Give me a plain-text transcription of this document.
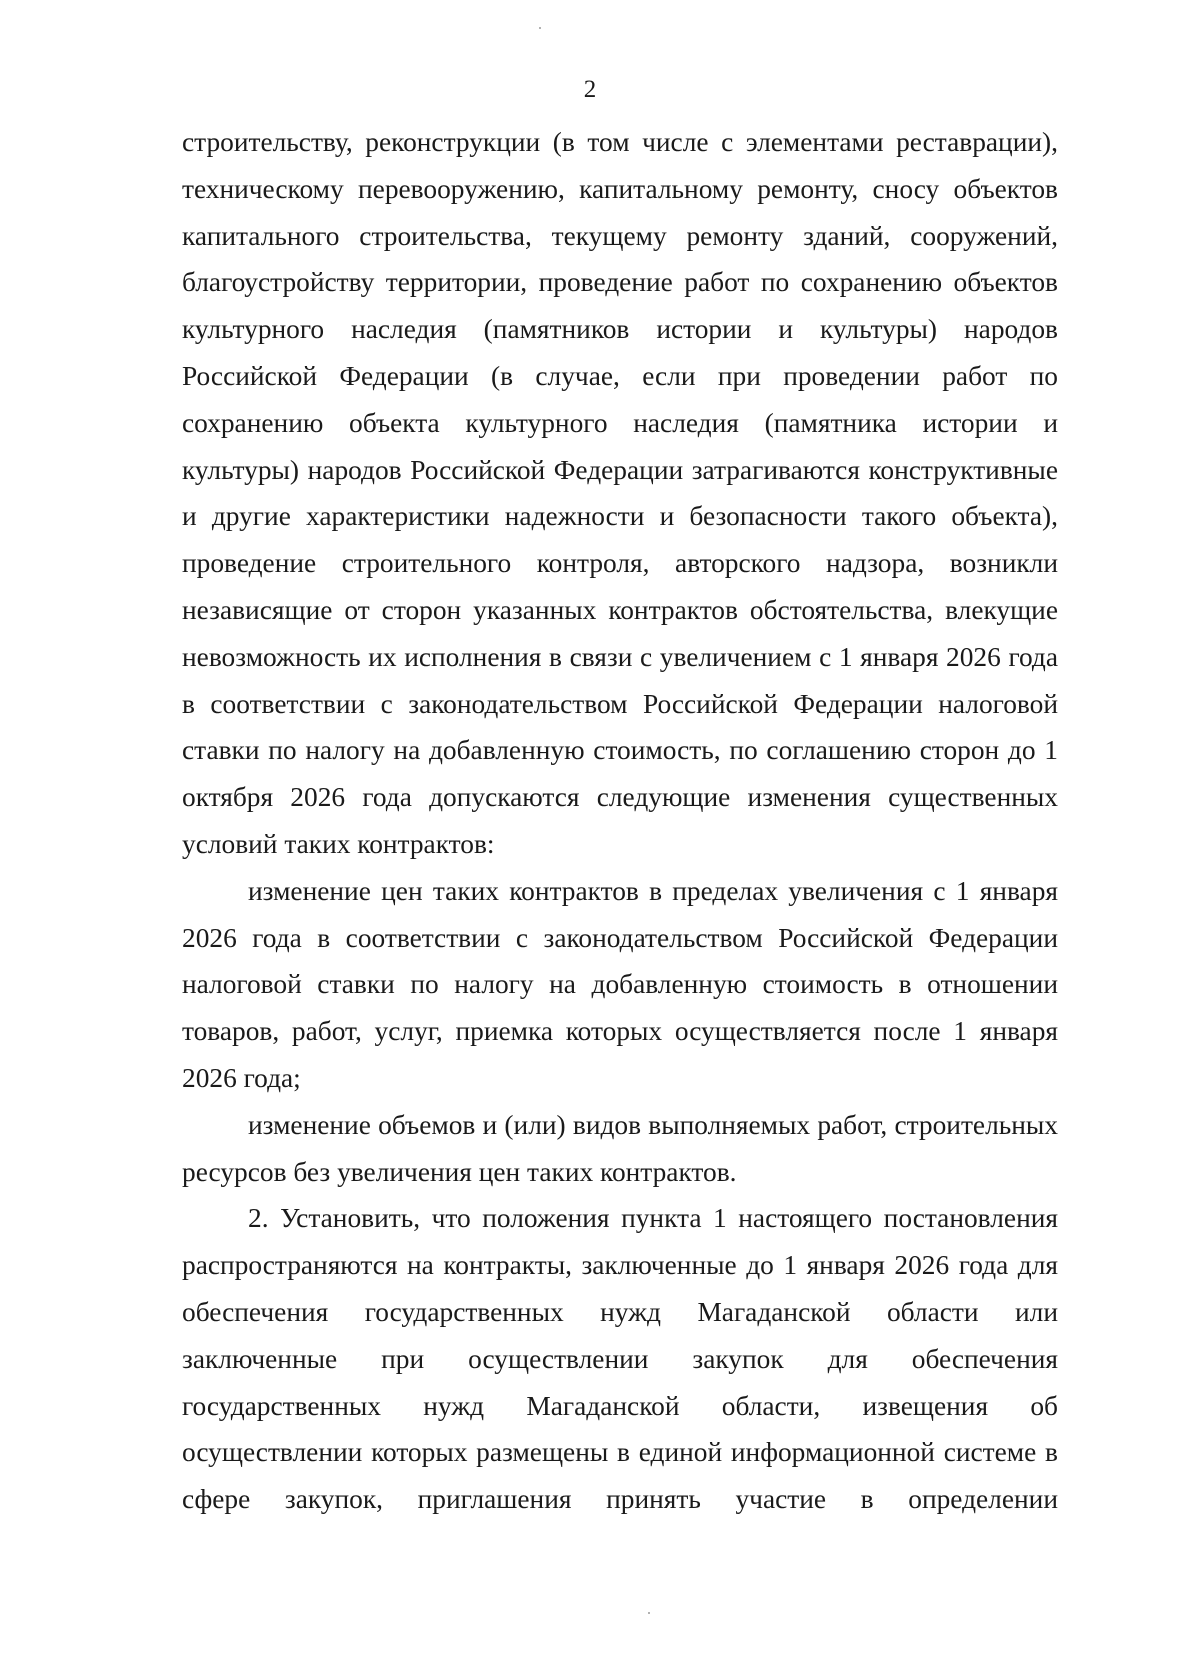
2

строительству, реконструкции (в том числе с элементами реставрации), техническому перевооружению, капитальному ремонту, сносу объектов капитального строительства, текущему ремонту зданий, сооружений, благоустройству территории, проведение работ по сохранению объектов культурного наследия (памятников истории и культуры) народов Российской Федерации (в случае, если при проведении работ по сохранению объекта культурного наследия (памятника истории и культуры) народов Российской Федерации затрагиваются конструктивные и другие характеристики надежности и безопасности такого объекта), проведение строительного контроля, авторского надзора, возникли независящие от сторон указанных контрактов обстоятельства, влекущие невозможность их исполнения в связи с увеличением с 1 января 2026 года в соответствии с законодательством Российской Федерации налоговой ставки по налогу на добавленную стоимость, по соглашению сторон до 1 октября 2026 года допускаются следующие изменения существенных условий таких контрактов:

изменение цен таких контрактов в пределах увеличения с 1 января 2026 года в соответствии с законодательством Российской Федерации налоговой ставки по налогу на добавленную стоимость в отношении товаров, работ, услуг, приемка которых осуществляется после 1 января 2026 года;

изменение объемов и (или) видов выполняемых работ, строительных ресурсов без увеличения цен таких контрактов.

2. Установить, что положения пункта 1 настоящего постановления распространяются на контракты, заключенные до 1 января 2026 года для обеспечения государственных нужд Магаданской области или заключенные при осуществлении закупок для обеспечения государственных нужд Магаданской области, извещения об осуществлении которых размещены в единой информационной системе в сфере закупок, приглашения принять участие в определении
